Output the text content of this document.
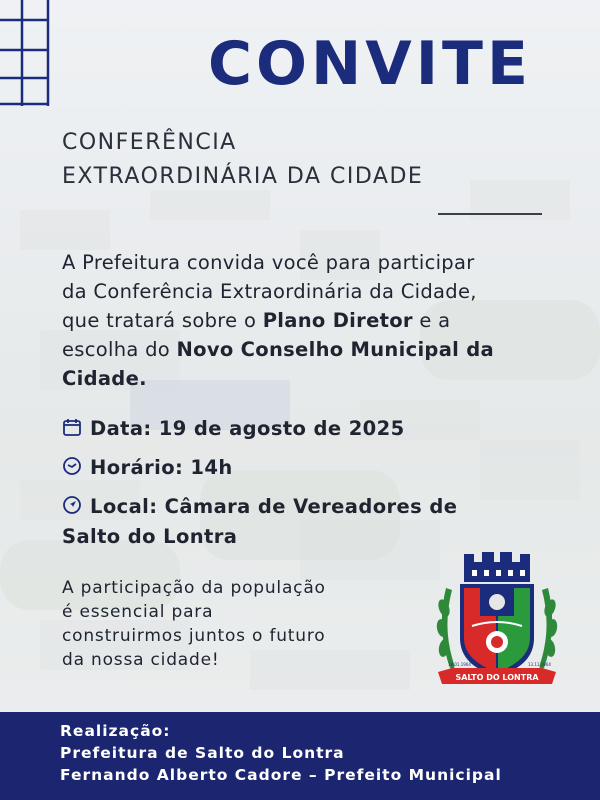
CONVITE
CONFERÊNCIA
EXTRAORDINÁRIA DA CIDADE
A Prefeitura convida você para participar
da Conferência Extraordinária da Cidade,
que tratará sobre o Plano Diretor e a
escolha do Novo Conselho Municipal da
Cidade.
Data: 19 de agosto de 2025
Horário: 14h
Local: Câmara de Vereadores de
Salto do Lontra
A participação da população
é essencial para
construirmos juntos o futuro
da nossa cidade!
SALTO DO LONTRA
18.01.1964	13.11.1964
Realização:
Prefeitura de Salto do Lontra
Fernando Alberto Cadore – Prefeito Municipal
